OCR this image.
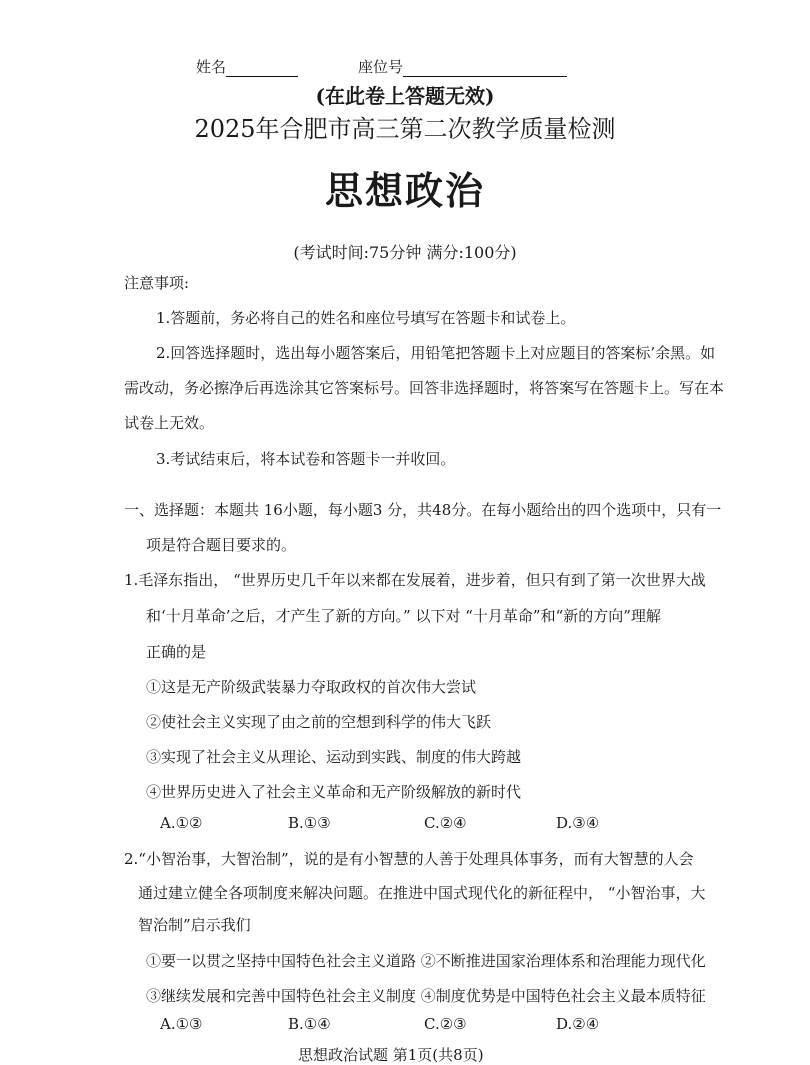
姓名	座位号
(在此卷上答题无效)
2025年合肥市高三第二次教学质量检测
思想政治
(考试时间:75分钟 满分:100分)
注意事项:
1.答题前，务必将自己的姓名和座位号填写在答题卡和试卷上。
2.回答选择题时，选出每小题答案后，用铅笔把答题卡上对应题目的答案标’余黑。如
需改动，务必擦净后再选涂其它答案标号。回答非选择题时，将答案写在答题卡上。写在本
试卷上无效。
3.考试结束后，将本试卷和答题卡一并收回。
一、选择题：本题共 16小题，每小题3 分，共48分。在每小题给出的四个选项中，只有一
项是符合题目要求的。
1.毛泽东指出， “世界历史几千年以来都在发展着，进步着，但只有到了第一次世界大战
和‘十月革命’之后，才产生了新的方向。” 以下对 “十月革命”和“新的方向”理解
正确的是
①这是无产阶级武装暴力夺取政权的首次伟大尝试
②使社会主义实现了由之前的空想到科学的伟大飞跃
③实现了社会主义从理论、运动到实践、制度的伟大跨越
④世界历史进入了社会主义革命和无产阶级解放的新时代
A.①②	B.①③	C.②④	D.③④
2.“小智治事，大智治制”，说的是有小智慧的人善于处理具体事务，而有大智慧的人会
通过建立健全各项制度来解决问题。在推进中国式现代化的新征程中， “小智治事，大
智治制”启示我们
①要一以贯之坚持中国特色社会主义道路 ②不断推进国家治理体系和治理能力现代化
③继续发展和完善中国特色社会主义制度 ④制度优势是中国特色社会主义最本质特征
A.①③	B.①④	C.②③	D.②④
思想政治试题 第1页(共8页)
